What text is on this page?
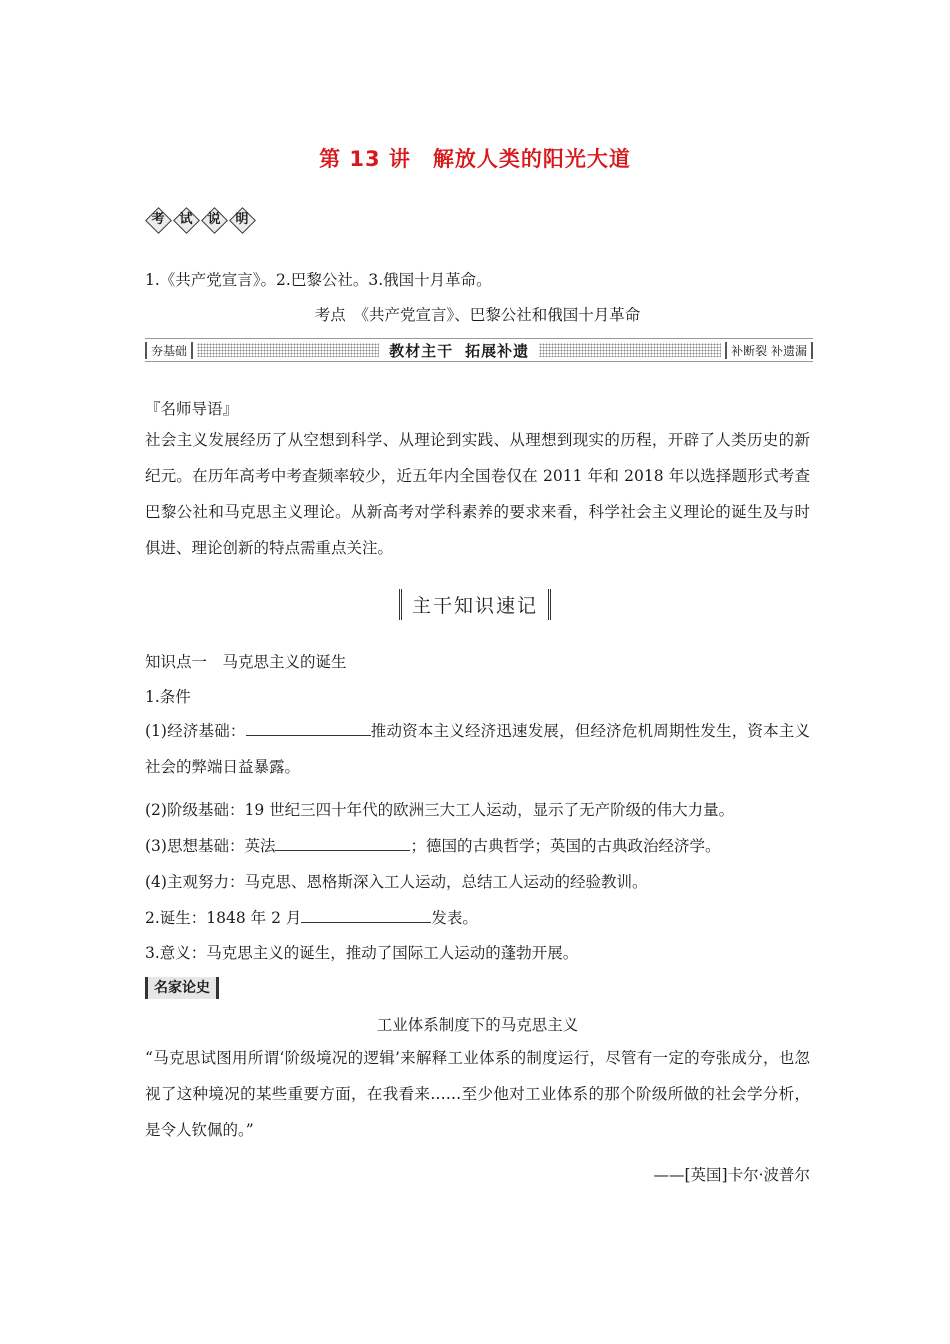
第 13 讲　解放人类的阳光大道
考	试	说	明
1.《共产党宣言》。2.巴黎公社。3.俄国十月革命。
考点　《共产党宣言》、巴黎公社和俄国十月革命
夯基础	教材主干 拓展补遗	补断裂 补遗漏
『名师导语』
社会主义发展经历了从空想到科学、从理论到实践、从理想到现实的历程，开辟了人类历史的新纪元。在历年高考中考查频率较少，近五年内全国卷仅在 2011 年和 2018 年以选择题形式考查巴黎公社和马克思主义理论。从新高考对学科素养的要求来看，科学社会主义理论的诞生及与时俱进、理论创新的特点需重点关注。
主干知识速记
知识点一　马克思主义的诞生
1.条件
(1)经济基础：	推动资本主义经济迅速发展，但经济危机周期性发生，资本主义社会的弊端日益暴露。
(2)阶级基础：19 世纪三四十年代的欧洲三大工人运动，显示了无产阶级的伟大力量。
(3)思想基础：英法	；德国的古典哲学；英国的古典政治经济学。
(4)主观努力：马克思、恩格斯深入工人运动，总结工人运动的经验教训。
2.诞生：1848 年 2 月	发表。
3.意义：马克思主义的诞生，推动了国际工人运动的蓬勃开展。
名家论史
工业体系制度下的马克思主义
“马克思试图用所谓‘阶级境况的逻辑’来解释工业体系的制度运行，尽管有一定的夸张成分，也忽视了这种境况的某些重要方面，在我看来……至少他对工业体系的那个阶级所做的社会学分析，是令人钦佩的。”
——[英国]卡尔·波普尔
